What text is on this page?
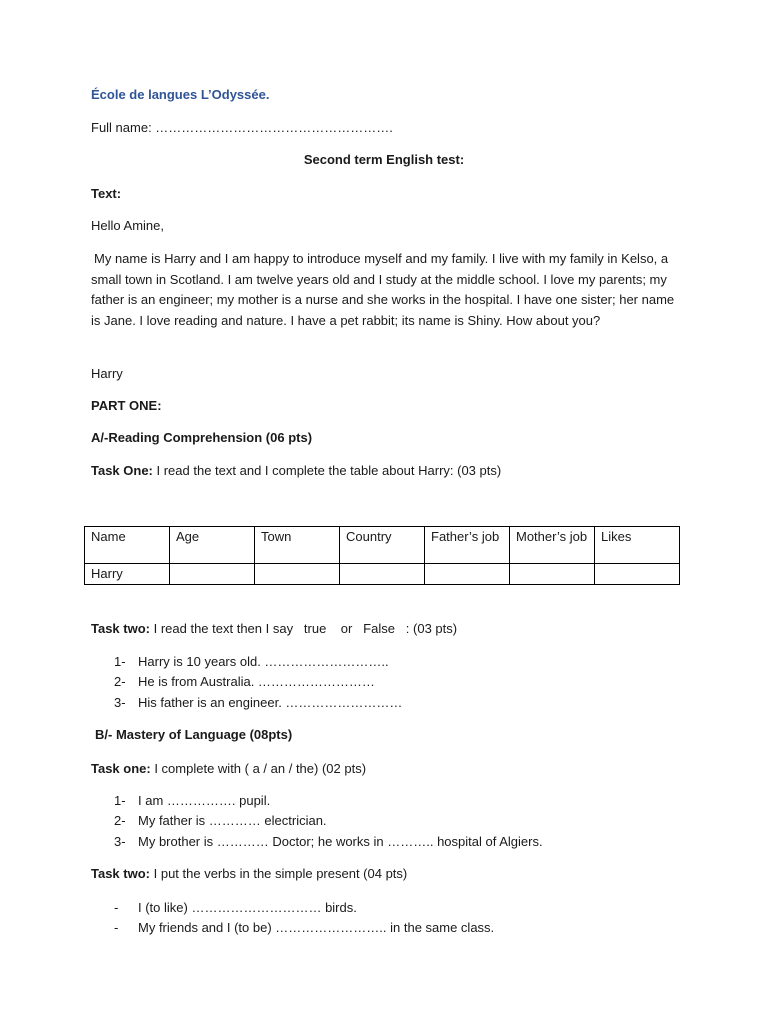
École de langues L’Odyssée.
Full name: ……………………………………………….
Second term English test:
Text:
Hello Amine,
My name is Harry and I am happy to introduce myself and my family. I live with my family in Kelso, a small town in Scotland. I am twelve years old and I study at the middle school. I love my parents; my father is an engineer; my mother is a nurse and she works in the hospital. I have one sister; her name is Jane. I love reading and nature. I have a pet rabbit; its name is Shiny. How about you?
Harry
PART ONE:
A/-Reading Comprehension (06 pts)
Task One: I read the text and I complete the table about Harry: (03 pts)
Name	Age	Town	Country	Father’s job	Mother’s job	Likes
Harry						
Task two: I read the text then I say   true    or   False   : (03 pts)
1- Harry is 10 years old. ………………………..
2- He is from Australia. ………………………
3- His father is an engineer. ………………………
B/- Mastery of Language (08pts)
Task one: I complete with ( a / an / the) (02 pts)
1- I am ……………. pupil.
2- My father is ………… electrician.
3- My brother is ………… Doctor; he works in ……….. hospital of Algiers.
Task two: I put the verbs in the simple present (04 pts)
- I (to like) ………………………… birds.
- My friends and I (to be) …………………….. in the same class.
